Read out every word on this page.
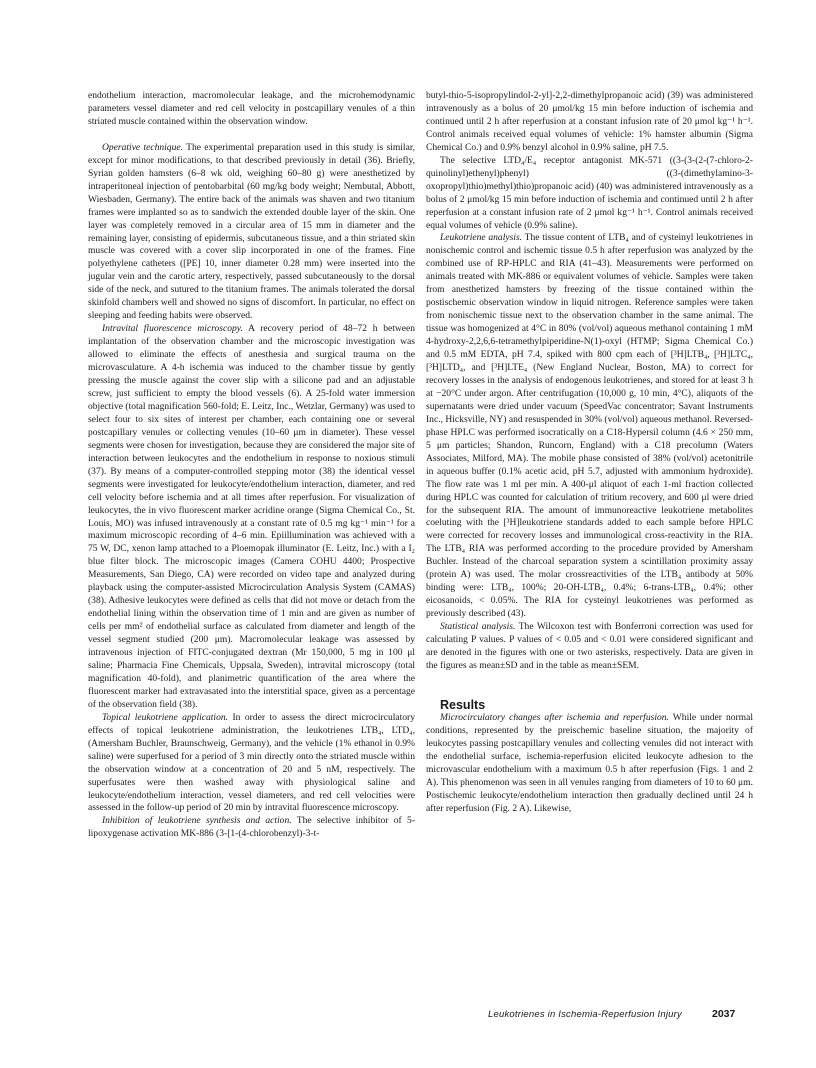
endothelium interaction, macromolecular leakage, and the microhemodynamic parameters vessel diameter and red cell velocity in postcapillary venules of a thin striated muscle contained within the observation window.

Operative technique. The experimental preparation used in this study is similar, except for minor modifications, to that described previously in detail (36). Briefly, Syrian golden hamsters (6–8 wk old, weighing 60–80 g) were anesthetized by intraperitoneal injection of pentobarbital (60 mg/kg body weight; Nembutal, Abbott, Wiesbaden, Germany). The entire back of the animals was shaven and two titanium frames were implanted so as to sandwich the extended double layer of the skin. One layer was completely removed in a circular area of 15 mm in diameter and the remaining layer, consisting of epidermis, subcutaneous tissue, and a thin striated skin muscle was covered with a cover slip incorporated in one of the frames. Fine polyethylene catheters ([PE] 10, inner diameter 0.28 mm) were inserted into the jugular vein and the carotic artery, respectively, passed subcutaneously to the dorsal side of the neck, and sutured to the titanium frames. The animals tolerated the dorsal skinfold chambers well and showed no signs of discomfort. In particular, no effect on sleeping and feeding habits were observed.

Intravital fluorescence microscopy. A recovery period of 48–72 h between implantation of the observation chamber and the microscopic investigation was allowed to eliminate the effects of anesthesia and surgical trauma on the microvasculature. A 4-h ischemia was induced to the chamber tissue by gently pressing the muscle against the cover slip with a silicone pad and an adjustable screw, just sufficient to empty the blood vessels (6). A 25-fold water immersion objective (total magnification 560-fold; E. Leitz, Inc., Wetzlar, Germany) was used to select four to six sites of interest per chamber, each containing one or several postcapillary venules or collecting venules (10–60 μm in diameter). These vessel segments were chosen for investigation, because they are considered the major site of interaction between leukocytes and the endothelium in response to noxious stimuli (37). By means of a computer-controlled stepping motor (38) the identical vessel segments were investigated for leukocyte/endothelium interaction, diameter, and red cell velocity before ischemia and at all times after reperfusion. For visualization of leukocytes, the in vivo fluorescent marker acridine orange (Sigma Chemical Co., St. Louis, MO) was infused intravenously at a constant rate of 0.5 mg kg⁻¹ min⁻¹ for a maximum microscopic recording of 4–6 min. Epiillumination was achieved with a 75 W, DC, xenon lamp attached to a Ploemopak illuminator (E. Leitz, Inc.) with a I₂ blue filter block. The microscopic images (Camera COHU 4400; Prospective Measurements, San Diego, CA) were recorded on video tape and analyzed during playback using the computer-assisted Microcirculation Analysis System (CAMAS) (38). Adhesive leukocytes were defined as cells that did not move or detach from the endothelial lining within the observation time of 1 min and are given as number of cells per mm² of endothelial surface as calculated from diameter and length of the vessel segment studied (200 μm). Macromolecular leakage was assessed by intravenous injection of FITC-conjugated dextran (Mr 150,000, 5 mg in 100 μl saline; Pharmacia Fine Chemicals, Uppsala, Sweden), intravital microscopy (total magnification 40-fold), and planimetric quantification of the area where the fluorescent marker had extravasated into the interstitial space, given as a percentage of the observation field (38).

Topical leukotriene application. In order to assess the direct microcirculatory effects of topical leukotriene administration, the leukotrienes LTB₄, LTD₄, (Amersham Buchler, Braunschweig, Germany), and the vehicle (1% ethanol in 0.9% saline) were superfused for a period of 3 min directly onto the striated muscle within the observation window at a concentration of 20 and 5 nM, respectively. The superfusates were then washed away with physiological saline and leukocyte/endothelium interaction, vessel diameters, and red cell velocities were assessed in the follow-up period of 20 min by intravital fluorescence microscopy.

Inhibition of leukotriene synthesis and action. The selective inhibitor of 5-lipoxygenase activation MK-886 (3-[1-(4-chlorobenzyl)-3-t-

butyl-thio-5-isopropylindol-2-yl]-2,2-dimethylpropanoic acid) (39) was administered intravenously as a bolus of 20 μmol/kg 15 min before induction of ischemia and continued until 2 h after reperfusion at a constant infusion rate of 20 μmol kg⁻¹ h⁻¹. Control animals received equal volumes of vehicle: 1% hamster albumin (Sigma Chemical Co.) and 0.9% benzyl alcohol in 0.9% saline, pH 7.5.

The selective LTD₄/E₄ receptor antagonist MK-571 ((3-(3-(2-(7-chloro-2-quinolinyl)ethenyl)phenyl) ((3-(dimethylamino-3-oxopropyl)thio)methyl)thio)propanoic acid) (40) was administered intravenously as a bolus of 2 μmol/kg 15 min before induction of ischemia and continued until 2 h after reperfusion at a constant infusion rate of 2 μmol kg⁻¹ h⁻¹. Control animals received equal volumes of vehicle (0.9% saline).

Leukotriene analysis. The tissue content of LTB₄ and of cysteinyl leukotrienes in nonischemic control and ischemic tissue 0.5 h after reperfusion was analyzed by the combined use of RP-HPLC and RIA (41–43). Measurements were performed on animals treated with MK-886 or equivalent volumes of vehicle. Samples were taken from anesthetized hamsters by freezing of the tissue contained within the postischemic observation window in liquid nitrogen. Reference samples were taken from nonischemic tissue next to the observation chamber in the same animal. The tissue was homogenized at 4°C in 80% (vol/vol) aqueous methanol containing 1 mM 4-hydroxy-2,2,6,6-tetramethylpiperidine-N(1)-oxyl (HTMP; Sigma Chemical Co.) and 0.5 mM EDTA, pH 7.4, spiked with 800 cpm each of [³H]LTB₄, [³H]LTC₄, [³H]LTD₄, and [³H]LTE₄ (New England Nuclear, Boston, MA) to correct for recovery losses in the analysis of endogenous leukotrienes, and stored for at least 3 h at −20°C under argon. After centrifugation (10,000 g, 10 min, 4°C), aliquots of the supernatants were dried under vacuum (SpeedVac concentrator; Savant Instruments Inc., Hicksville, NY) and resuspended in 30% (vol/vol) aqueous methanol. Reversed-phase HPLC was performed isocratically on a C18-Hypersil column (4.6 × 250 mm, 5 μm particles; Shandon, Runcorn, England) with a C18 precolumn (Waters Associates, Milford, MA). The mobile phase consisted of 38% (vol/vol) acetonitrile in aqueous buffer (0.1% acetic acid, pH 5.7, adjusted with ammonium hydroxide). The flow rate was 1 ml per min. A 400-μl aliquot of each 1-ml fraction collected during HPLC was counted for calculation of tritium recovery, and 600 μl were dried for the subsequent RIA. The amount of immunoreactive leukotriene metabolites coeluting with the [³H]leukotriene standards added to each sample before HPLC were corrected for recovery losses and immunological cross-reactivity in the RIA. The LTB₄ RIA was performed according to the procedure provided by Amersham Buchler. Instead of the charcoal separation system a scintillation proximity assay (protein A) was used. The molar crossreactivities of the LTB₄ antibody at 50% binding were: LTB₄, 100%; 20-OH-LTB₄, 0.4%; 6-trans-LTB₄, 0.4%; other eicosanoids, < 0.05%. The RIA for cysteinyl leukotrienes was performed as previously described (43).

Statistical analysis. The Wilcoxon test with Bonferroni correction was used for calculating P values. P values of < 0.05 and < 0.01 were considered significant and are denoted in the figures with one or two asterisks, respectively. Data are given in the figures as mean±SD and in the table as mean±SEM.

Results

Microcirculatory changes after ischemia and reperfusion. While under normal conditions, represented by the preischemic baseline situation, the majority of leukocytes passing postcapillary venules and collecting venules did not interact with the endothelial surface, ischemia-reperfusion elicited leukocyte adhesion to the microvascular endothelium with a maximum 0.5 h after reperfusion (Figs. 1 and 2 A). This phenomenon was seen in all venules ranging from diameters of 10 to 60 μm. Postischemic leukocyte/endothelium interaction then gradually declined until 24 h after reperfusion (Fig. 2 A). Likewise,

Leukotrienes in Ischemia-Reperfusion Injury	2037
